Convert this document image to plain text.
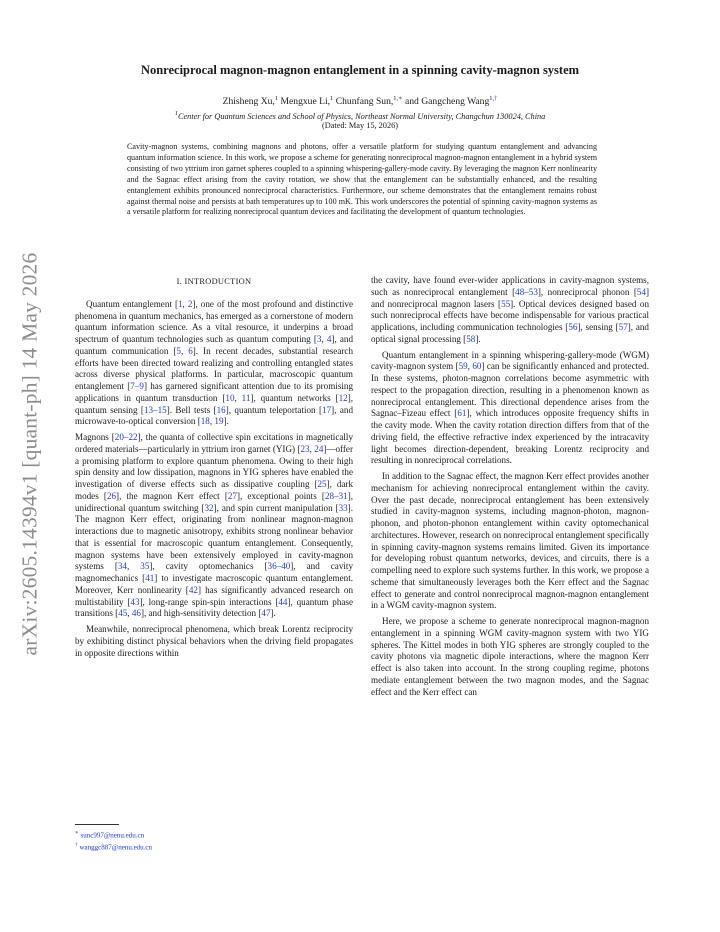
arXiv:2605.14394v1 [quant-ph] 14 May 2026
Nonreciprocal magnon-magnon entanglement in a spinning cavity-magnon system
Zhisheng Xu,$^1$ Mengxue Li,$^1$ Chunfang Sun,$^{1,∗}$ and Gangcheng Wang$^{1,\dagger}$
$^1$Center for Quantum Sciences and School of Physics, Northeast Normal University, Changchun 130024, China
(Dated: May 15, 2026)

Cavity-magnon systems, combining magnons and photons, offer a versatile platform for studying quantum entanglement and advancing quantum information science. In this work, we propose a scheme for generating nonreciprocal magnon-magnon entanglement in a hybrid system consisting of two yttrium iron garnet spheres coupled to a spinning whispering-gallery-mode cavity. By leveraging the magnon Kerr nonlinearity and the Sagnac effect arising from the cavity rotation, we show that the entanglement can be substantially enhanced, and the resulting entanglement exhibits pronounced nonreciprocal characteristics. Furthermore, our scheme demonstrates that the entanglement remains robust against thermal noise and persists at bath temperatures up to 100 mK. This work underscores the potential of spinning cavity-magnon systems as a versatile platform for realizing nonreciprocal quantum devices and facilitating the development of quantum technologies.

I. INTRODUCTION

Quantum entanglement [1, 2], one of the most profound and distinctive phenomena in quantum mechanics, has emerged as a cornerstone of modern quantum information science. As a vital resource, it underpins a broad spectrum of quantum technologies such as quantum computing [3, 4], and quantum communication [5, 6]. In recent decades, substantial research efforts have been directed toward realizing and controlling entangled states across diverse physical platforms. In particular, macroscopic quantum entanglement [7–9] has garnered significant attention due to its promising applications in quantum transduction [10, 11], quantum networks [12], quantum sensing [13–15]. Bell tests [16], quantum teleportation [17], and microwave-to-optical conversion [18, 19].

Magnons [20–22], the quanta of collective spin excitations in magnetically ordered materials—particularly in yttrium iron garnet (YIG) [23, 24]—offer a promising platform to explore quantum phenomena. Owing to their high spin density and low dissipation, magnons in YIG spheres have enabled the investigation of diverse effects such as dissipative coupling [25], dark modes [26], the magnon Kerr effect [27], exceptional points [28–31], unidirectional quantum switching [32], and spin current manipulation [33]. The magnon Kerr effect, originating from nonlinear magnon-magnon interactions due to magnetic anisotropy, exhibits strong nonlinear behavior that is essential for macroscopic quantum entanglement. Consequently, magnon systems have been extensively employed in cavity-magnon systems [34, 35], cavity optomechanics [36–40], and cavity magnomechanics [41] to investigate macroscopic quantum entanglement. Moreover, Kerr nonlinearity [42] has significantly advanced research on multistability [43], long-range spin-spin interactions [44], quantum phase transitions [45, 46], and high-sensitivity detection [47].

Meanwhile, nonreciprocal phenomena, which break Lorentz reciprocity by exhibiting distinct physical behaviors when the driving field propagates in opposite directions within

the cavity, have found ever-wider applications in cavity-magnon systems, such as nonreciprocal entanglement [48–53], nonreciprocal phonon [54] and nonreciprocal magnon lasers [55]. Optical devices designed based on such nonreciprocal effects have become indispensable for various practical applications, including communication technologies [56], sensing [57], and optical signal processing [58].

Quantum entanglement in a spinning whispering-gallery-mode (WGM) cavity-magnon system [59, 60] can be significantly enhanced and protected. In these systems, photon-magnon correlations become asymmetric with respect to the propagation direction, resulting in a phenomenon known as nonreciprocal entanglement. This directional dependence arises from the Sagnac–Fizeau effect [61], which introduces opposite frequency shifts in the cavity mode. When the cavity rotation direction differs from that of the driving field, the effective refractive index experienced by the intracavity light becomes direction-dependent, breaking Lorentz reciprocity and resulting in nonreciprocal correlations.

In addition to the Sagnac effect, the magnon Kerr effect provides another mechanism for achieving nonreciprocal entanglement within the cavity. Over the past decade, nonreciprocal entanglement has been extensively studied in cavity-magnon systems, including magnon-photon, magnon-phonon, and photon-phonon entanglement within cavity optomechanical architectures. However, research on nonreciprocal entanglement specifically in spinning cavity-magnon systems remains limited. Given its importance for developing robust quantum networks, devices, and circuits, there is a compelling need to explore such systems further. In this work, we propose a scheme that simultaneously leverages both the Kerr effect and the Sagnac effect to generate and control nonreciprocal magnon-magnon entanglement in a WGM cavity-magnon system.

Here, we propose a scheme to generate nonreciprocal magnon-magnon entanglement in a spinning WGM cavity-magnon system with two YIG spheres. The Kittel modes in both YIG spheres are strongly coupled to the cavity photons via magnetic dipole interactions, where the magnon Kerr effect is also taken into account. In the strong coupling regime, photons mediate entanglement between the two magnon modes, and the Sagnac effect and the Kerr effect can

∗ sunc997@nenu.edu.cn
† wanggc887@nenu.edu.cn
